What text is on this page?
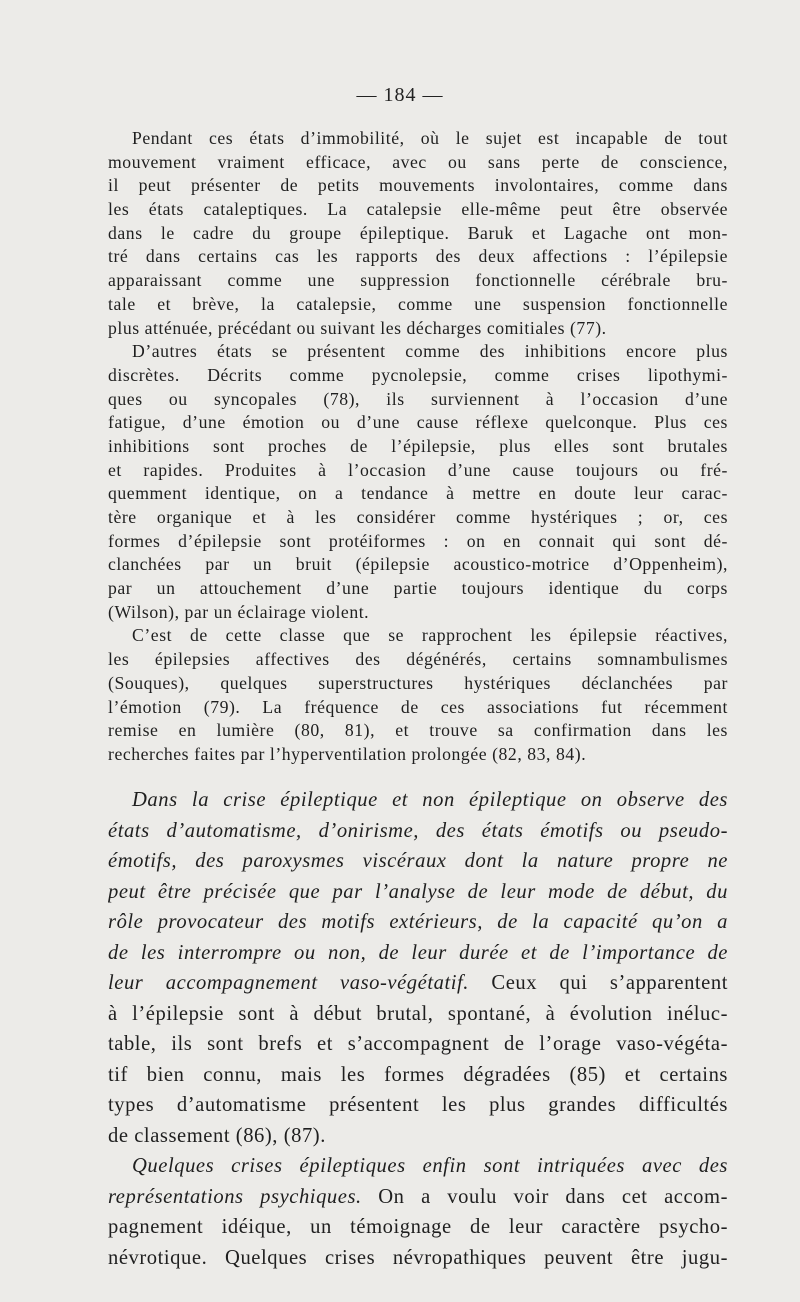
— 184 —
Pendant ces états d’immobilité, où le sujet est incapable de tout
mouvement vraiment efficace, avec ou sans perte de conscience,
il peut présenter de petits mouvements involontaires, comme dans
les états cataleptiques. La catalepsie elle-même peut être observée
dans le cadre du groupe épileptique. Baruk et Lagache ont mon-
tré dans certains cas les rapports des deux affections : l’épilepsie
apparaissant comme une suppression fonctionnelle cérébrale bru-
tale et brève, la catalepsie, comme une suspension fonctionnelle
plus atténuée, précédant ou suivant les décharges comitiales (77).
D’autres états se présentent comme des inhibitions encore plus
discrètes. Décrits comme pycnolepsie, comme crises lipothymi-
ques ou syncopales (78), ils surviennent à l’occasion d’une
fatigue, d’une émotion ou d’une cause réflexe quelconque. Plus ces
inhibitions sont proches de l’épilepsie, plus elles sont brutales
et rapides. Produites à l’occasion d’une cause toujours ou fré-
quemment identique, on a tendance à mettre en doute leur carac-
tère organique et à les considérer comme hystériques ; or, ces
formes d’épilepsie sont protéiformes : on en connait qui sont dé-
clanchées par un bruit (épilepsie acoustico-motrice d’Oppenheim),
par un attouchement d’une partie toujours identique du corps
(Wilson), par un éclairage violent.
C’est de cette classe que se rapprochent les épilepsie réactives,
les épilepsies affectives des dégénérés, certains somnambulismes
(Souques), quelques superstructures hystériques déclanchées par
l’émotion (79). La fréquence de ces associations fut récemment
remise en lumière (80, 81), et trouve sa confirmation dans les
recherches faites par l’hyperventilation prolongée (82, 83, 84).
Dans la crise épileptique et non épileptique on observe des
états d’automatisme, d’onirisme, des états émotifs ou pseudo-
émotifs, des paroxysmes viscéraux dont la nature propre ne
peut être précisée que par l’analyse de leur mode de début, du
rôle provocateur des motifs extérieurs, de la capacité qu’on a
de les interrompre ou non, de leur durée et de l’importance de
leur accompagnement vaso-végétatif. Ceux qui s’apparentent
à l’épilepsie sont à début brutal, spontané, à évolution inéluc-
table, ils sont brefs et s’accompagnent de l’orage vaso-végéta-
tif bien connu, mais les formes dégradées (85) et certains
types d’automatisme présentent les plus grandes difficultés
de classement (86), (87).
Quelques crises épileptiques enfin sont intriquées avec des
représentations psychiques. On a voulu voir dans cet accom-
pagnement idéique, un témoignage de leur caractère psycho-
névrotique. Quelques crises névropathiques peuvent être jugu-
